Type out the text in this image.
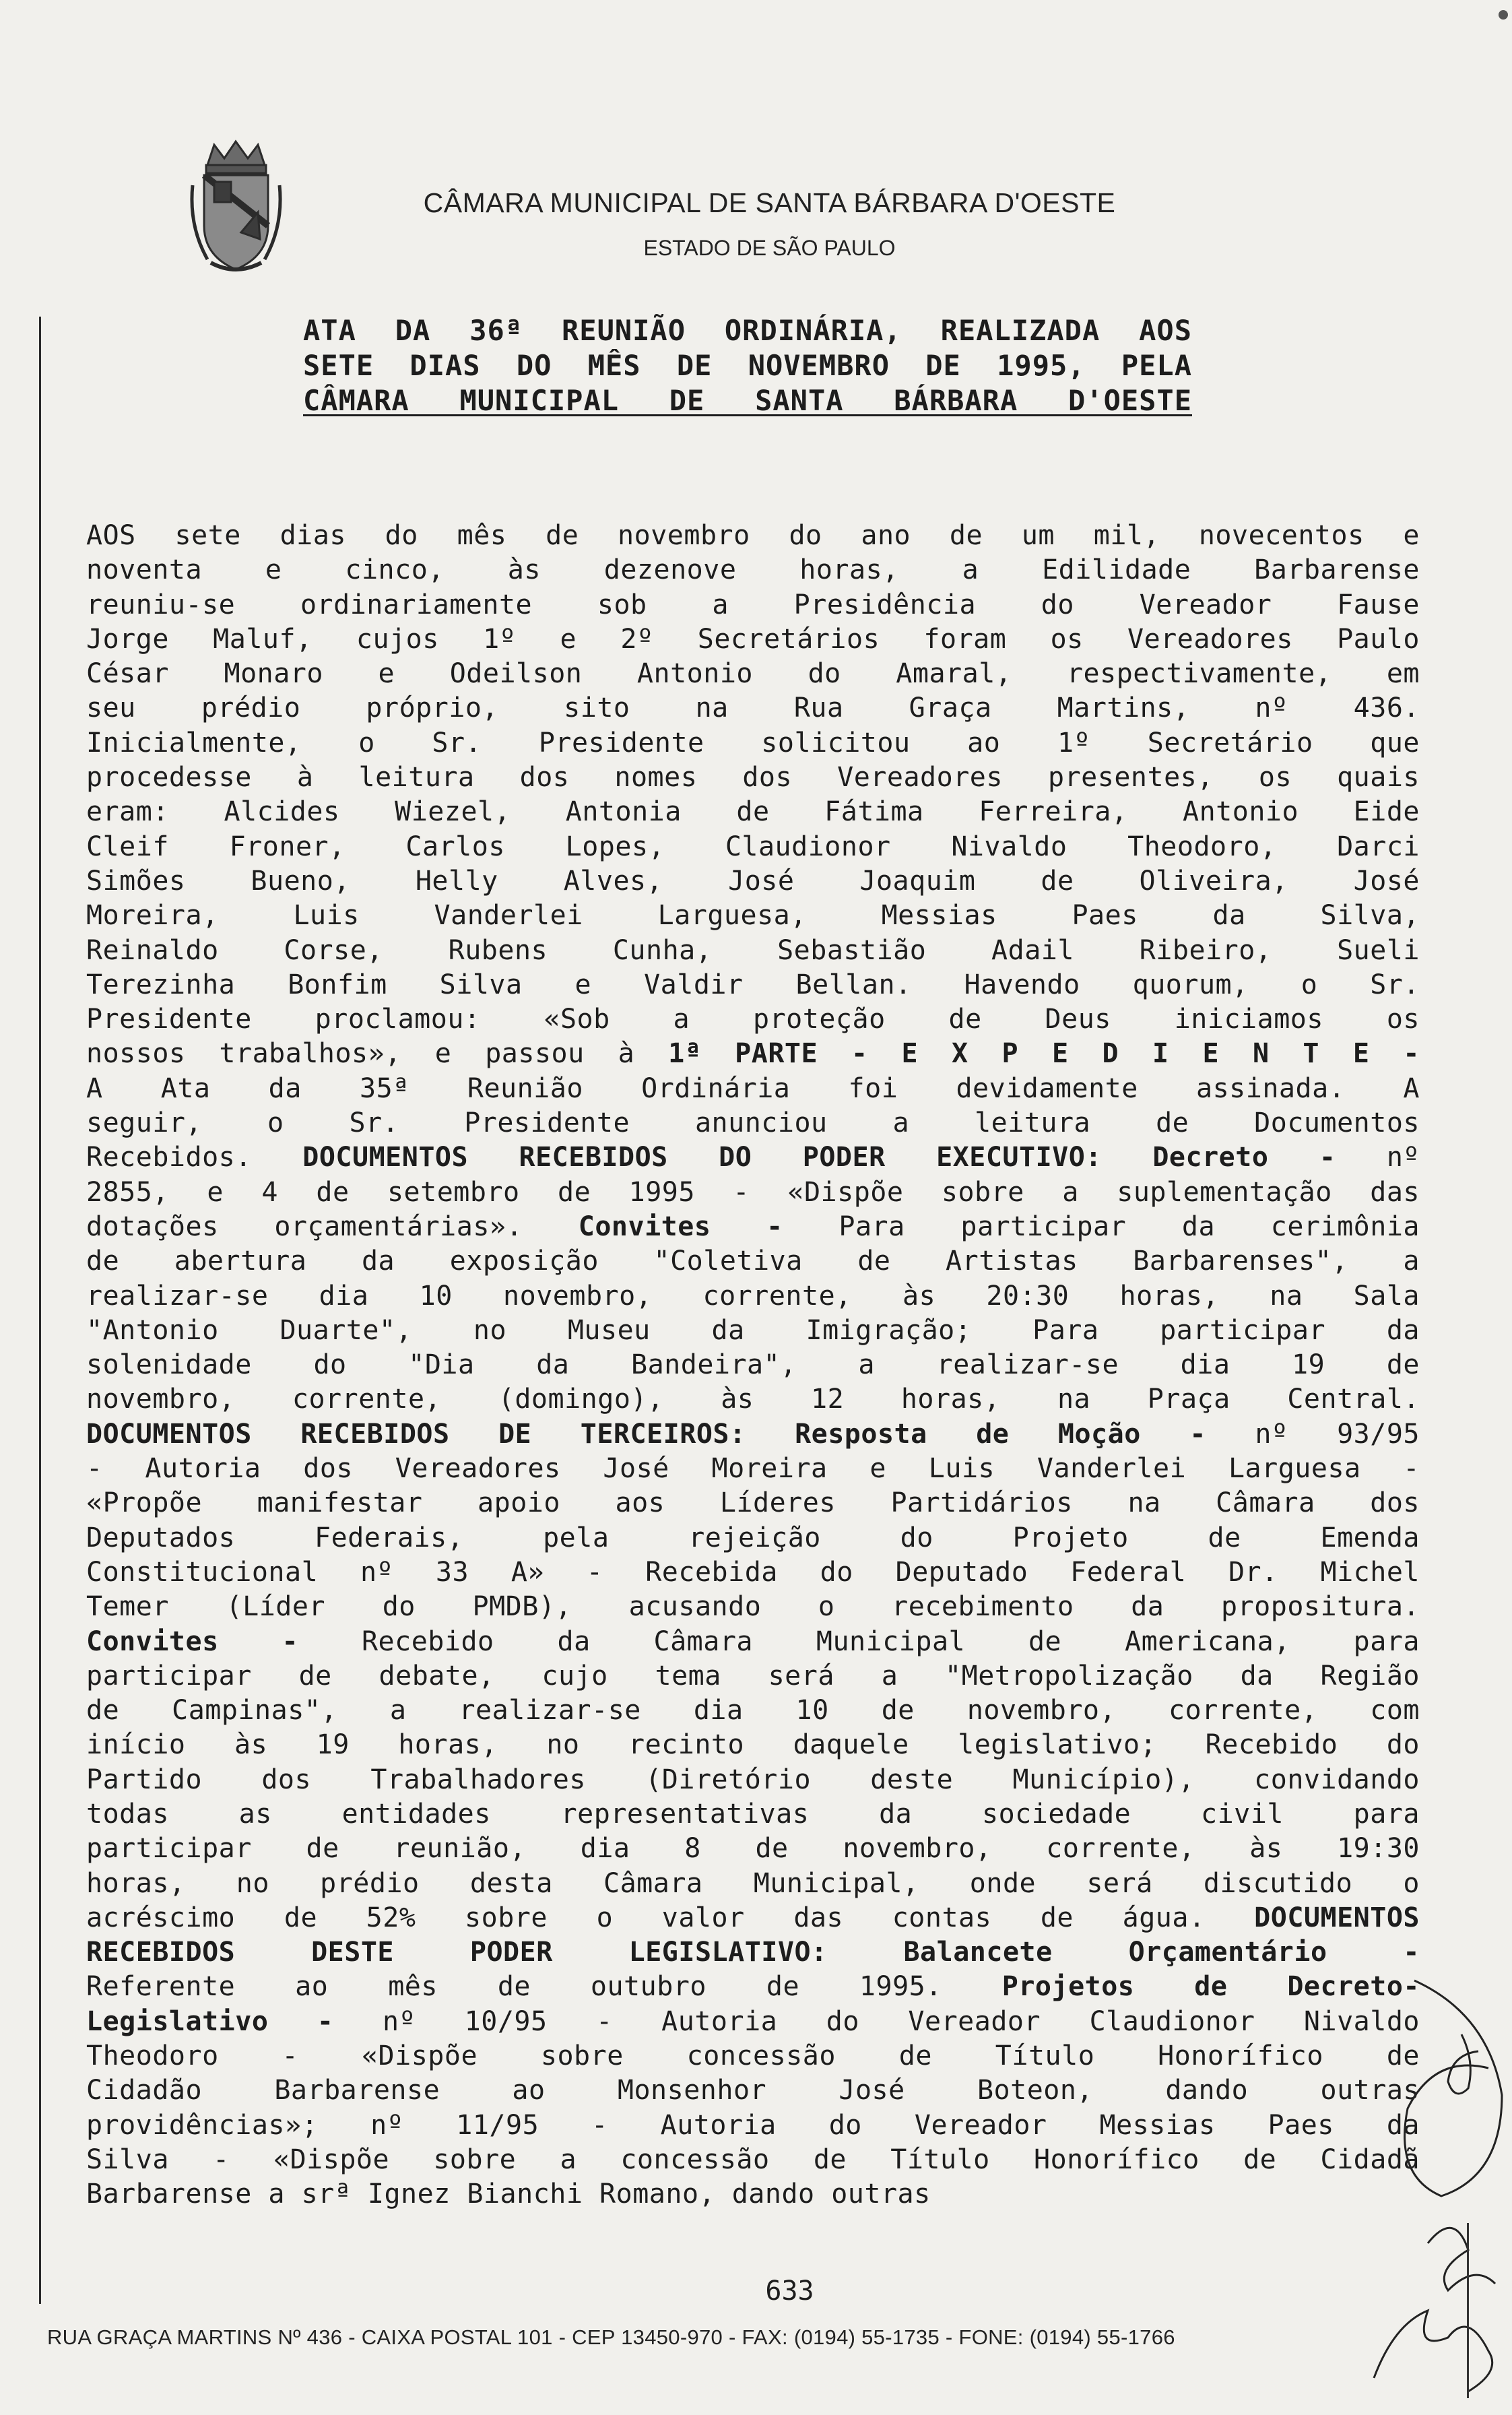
CÂMARA MUNICIPAL DE SANTA BÁRBARA D'OESTE
ESTADO DE SÃO PAULO
ATA DA 36ª REUNIÃO ORDINÁRIA, REALIZADA AOS
SETE DIAS DO MÊS DE NOVEMBRO DE 1995, PELA
CÂMARA MUNICIPAL DE SANTA BÁRBARA D'OESTE
AOS sete dias do mês de novembro do ano de um mil, novecentos e
noventa e cinco, às dezenove horas, a Edilidade Barbarense
reuniu-se ordinariamente sob a Presidência do Vereador Fause
Jorge Maluf, cujos 1º e 2º Secretários foram os Vereadores Paulo
César Monaro e Odeilson Antonio do Amaral, respectivamente, em
seu prédio próprio, sito na Rua Graça Martins, nº 436.
Inicialmente, o Sr. Presidente solicitou ao 1º Secretário que
procedesse à leitura dos nomes dos Vereadores presentes, os quais
eram: Alcides Wiezel, Antonia de Fátima Ferreira, Antonio Eide
Cleif Froner, Carlos Lopes, Claudionor Nivaldo Theodoro, Darci
Simões Bueno, Helly Alves, José Joaquim de Oliveira, José
Moreira, Luis Vanderlei Larguesa, Messias Paes da Silva,
Reinaldo Corse, Rubens Cunha, Sebastião Adail Ribeiro, Sueli
Terezinha Bonfim Silva e Valdir Bellan. Havendo quorum, o Sr.
Presidente proclamou: «Sob a proteção de Deus iniciamos os
nossos trabalhos», e passou à 1ª PARTE - E X P E D I E N T E -
A Ata da 35ª Reunião Ordinária foi devidamente assinada. A
seguir, o Sr. Presidente anunciou a leitura de Documentos
Recebidos. DOCUMENTOS RECEBIDOS DO PODER EXECUTIVO: Decreto - nº
2855, e 4 de setembro de 1995 - «Dispõe sobre a suplementação das
dotações orçamentárias». Convites - Para participar da cerimônia
de abertura da exposição "Coletiva de Artistas Barbarenses", a
realizar-se dia 10 novembro, corrente, às 20:30 horas, na Sala
"Antonio Duarte", no Museu da Imigração; Para participar da
solenidade do "Dia da Bandeira", a realizar-se dia 19 de
novembro, corrente, (domingo), às 12 horas, na Praça Central.
DOCUMENTOS RECEBIDOS DE TERCEIROS: Resposta de Moção - nº 93/95
- Autoria dos Vereadores José Moreira e Luis Vanderlei Larguesa -
«Propõe manifestar apoio aos Líderes Partidários na Câmara dos
Deputados Federais, pela rejeição do Projeto de Emenda
Constitucional nº 33 A» - Recebida do Deputado Federal Dr. Michel
Temer (Líder do PMDB), acusando o recebimento da propositura.
Convites - Recebido da Câmara Municipal de Americana, para
participar de debate, cujo tema será a "Metropolização da Região
de Campinas", a realizar-se dia 10 de novembro, corrente, com
início às 19 horas, no recinto daquele legislativo; Recebido do
Partido dos Trabalhadores (Diretório deste Município), convidando
todas as entidades representativas da sociedade civil para
participar de reunião, dia 8 de novembro, corrente, às 19:30
horas, no prédio desta Câmara Municipal, onde será discutido o
acréscimo de 52% sobre o valor das contas de água. DOCUMENTOS
RECEBIDOS DESTE PODER LEGISLATIVO: Balancete Orçamentário -
Referente ao mês de outubro de 1995. Projetos de Decreto-
Legislativo - nº 10/95 - Autoria do Vereador Claudionor Nivaldo
Theodoro - «Dispõe sobre concessão de Título Honorífico de
Cidadão Barbarense ao Monsenhor José Boteon, dando outras
providências»; nº 11/95 - Autoria do Vereador Messias Paes da
Silva - «Dispõe sobre a concessão de Título Honorífico de Cidadã
Barbarense a srª Ignez Bianchi Romano, dando outras
633
RUA GRAÇA MARTINS Nº 436 - CAIXA POSTAL 101 - CEP 13450-970 - FAX: (0194) 55-1735 - FONE: (0194) 55-1766
